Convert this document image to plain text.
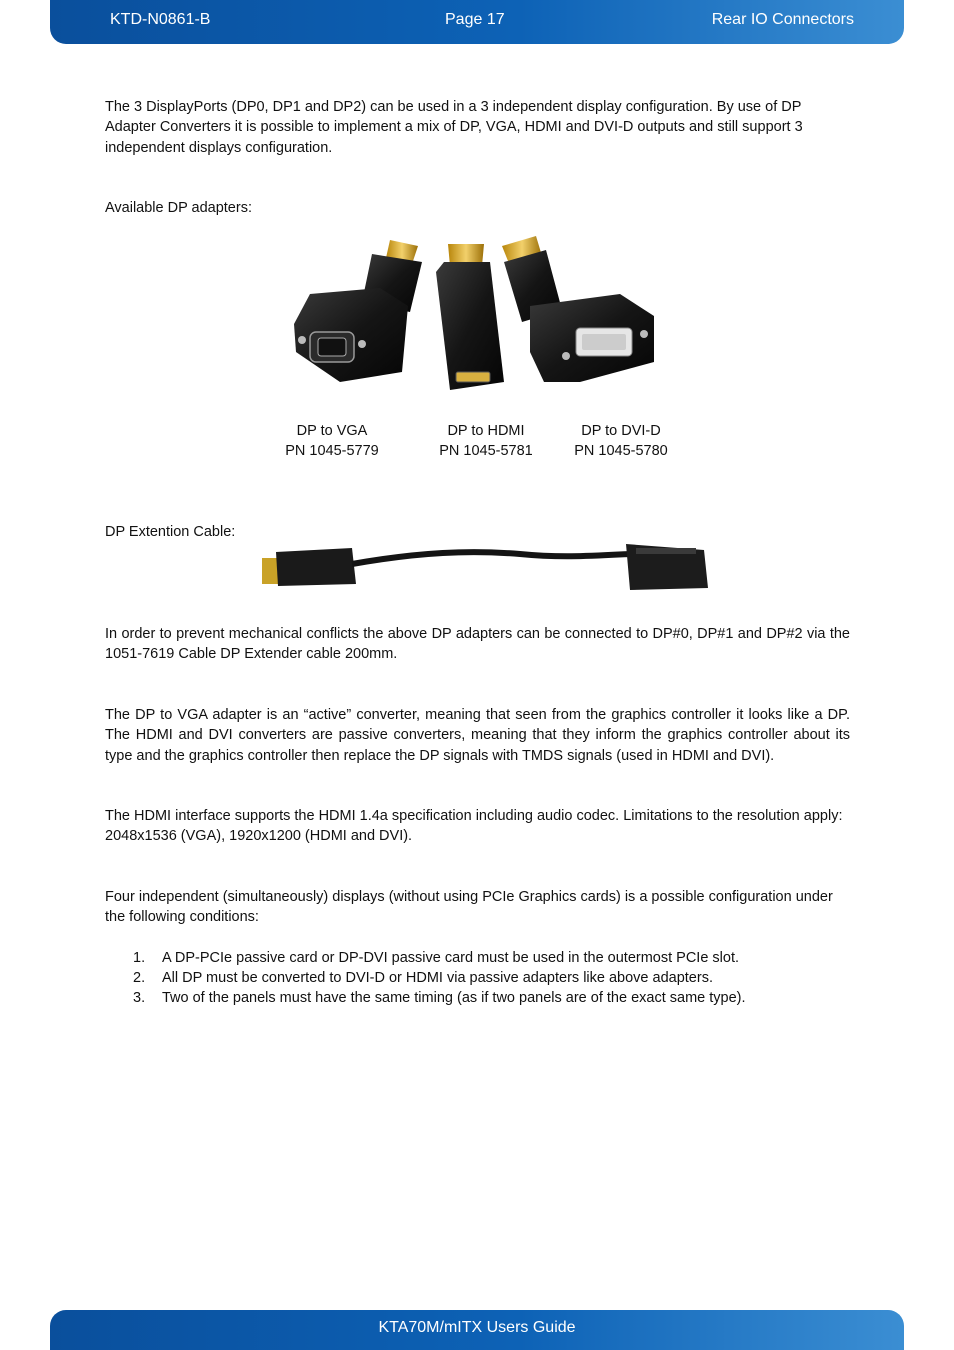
KTD-N0861-B	Page 17	Rear IO Connectors

The 3 DisplayPorts (DP0, DP1 and DP2) can be used in a 3 independent display configuration. By use of DP Adapter Converters it is possible to implement a mix of DP, VGA, HDMI and DVI-D outputs and still support 3 independent displays configuration.

Available DP adapters:

DP to VGA
PN 1045-5779
DP to HDMI
PN 1045-5781
DP to DVI-D
PN 1045-5780

DP Extention Cable:

In order to prevent mechanical conflicts the above DP adapters can be connected to DP#0, DP#1 and DP#2 via the 1051-7619 Cable DP Extender cable 200mm.

The DP to VGA adapter is an “active” converter, meaning that seen from the graphics controller it looks like a DP. The HDMI and DVI converters are passive converters, meaning that they inform the graphics controller about its type and the graphics controller then replace the DP signals with TMDS signals (used in HDMI and DVI).

The HDMI interface supports the HDMI 1.4a specification including audio codec. Limitations to the resolution apply: 2048x1536 (VGA), 1920x1200 (HDMI and DVI).

Four independent (simultaneously) displays (without using PCIe Graphics cards) is a possible configuration under the following conditions:

1. A DP-PCIe passive card or DP-DVI passive card must be used in the outermost PCIe slot.
2. All DP must be converted to DVI-D or HDMI via passive adapters like above adapters.
3. Two of the panels must have the same timing (as if two panels are of the exact same type).
KTA70M/mITX Users Guide
